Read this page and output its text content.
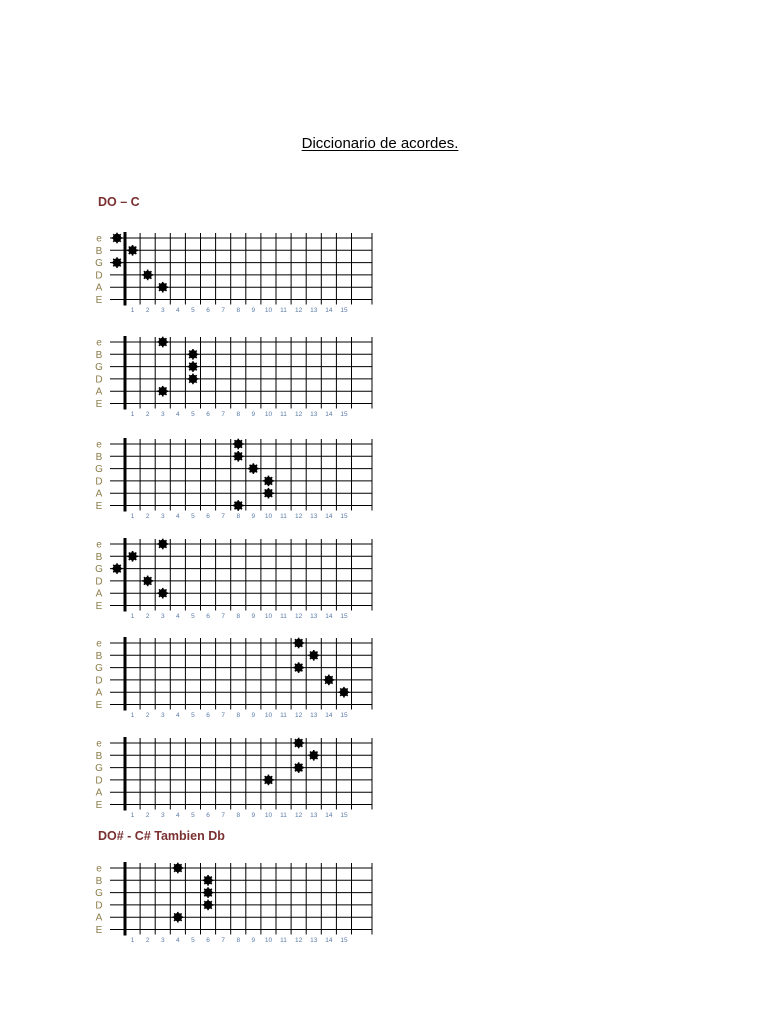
Diccionario de acordes.
DO – C
e
B
G
D
A
E
1 2 3 4 5 6 7 8 9 10 11 12 13 14 15
e
B
G
D
A
E
1 2 3 4 5 6 7 8 9 10 11 12 13 14 15
e
B
G
D
A
E
1 2 3 4 5 6 7 8 9 10 11 12 13 14 15
e
B
G
D
A
E
1 2 3 4 5 6 7 8 9 10 11 12 13 14 15
e
B
G
D
A
E
1 2 3 4 5 6 7 8 9 10 11 12 13 14 15
e
B
G
D
A
E
1 2 3 4 5 6 7 8 9 10 11 12 13 14 15
DO# - C# Tambien Db
e
B
G
D
A
E
1 2 3 4 5 6 7 8 9 10 11 12 13 14 15
